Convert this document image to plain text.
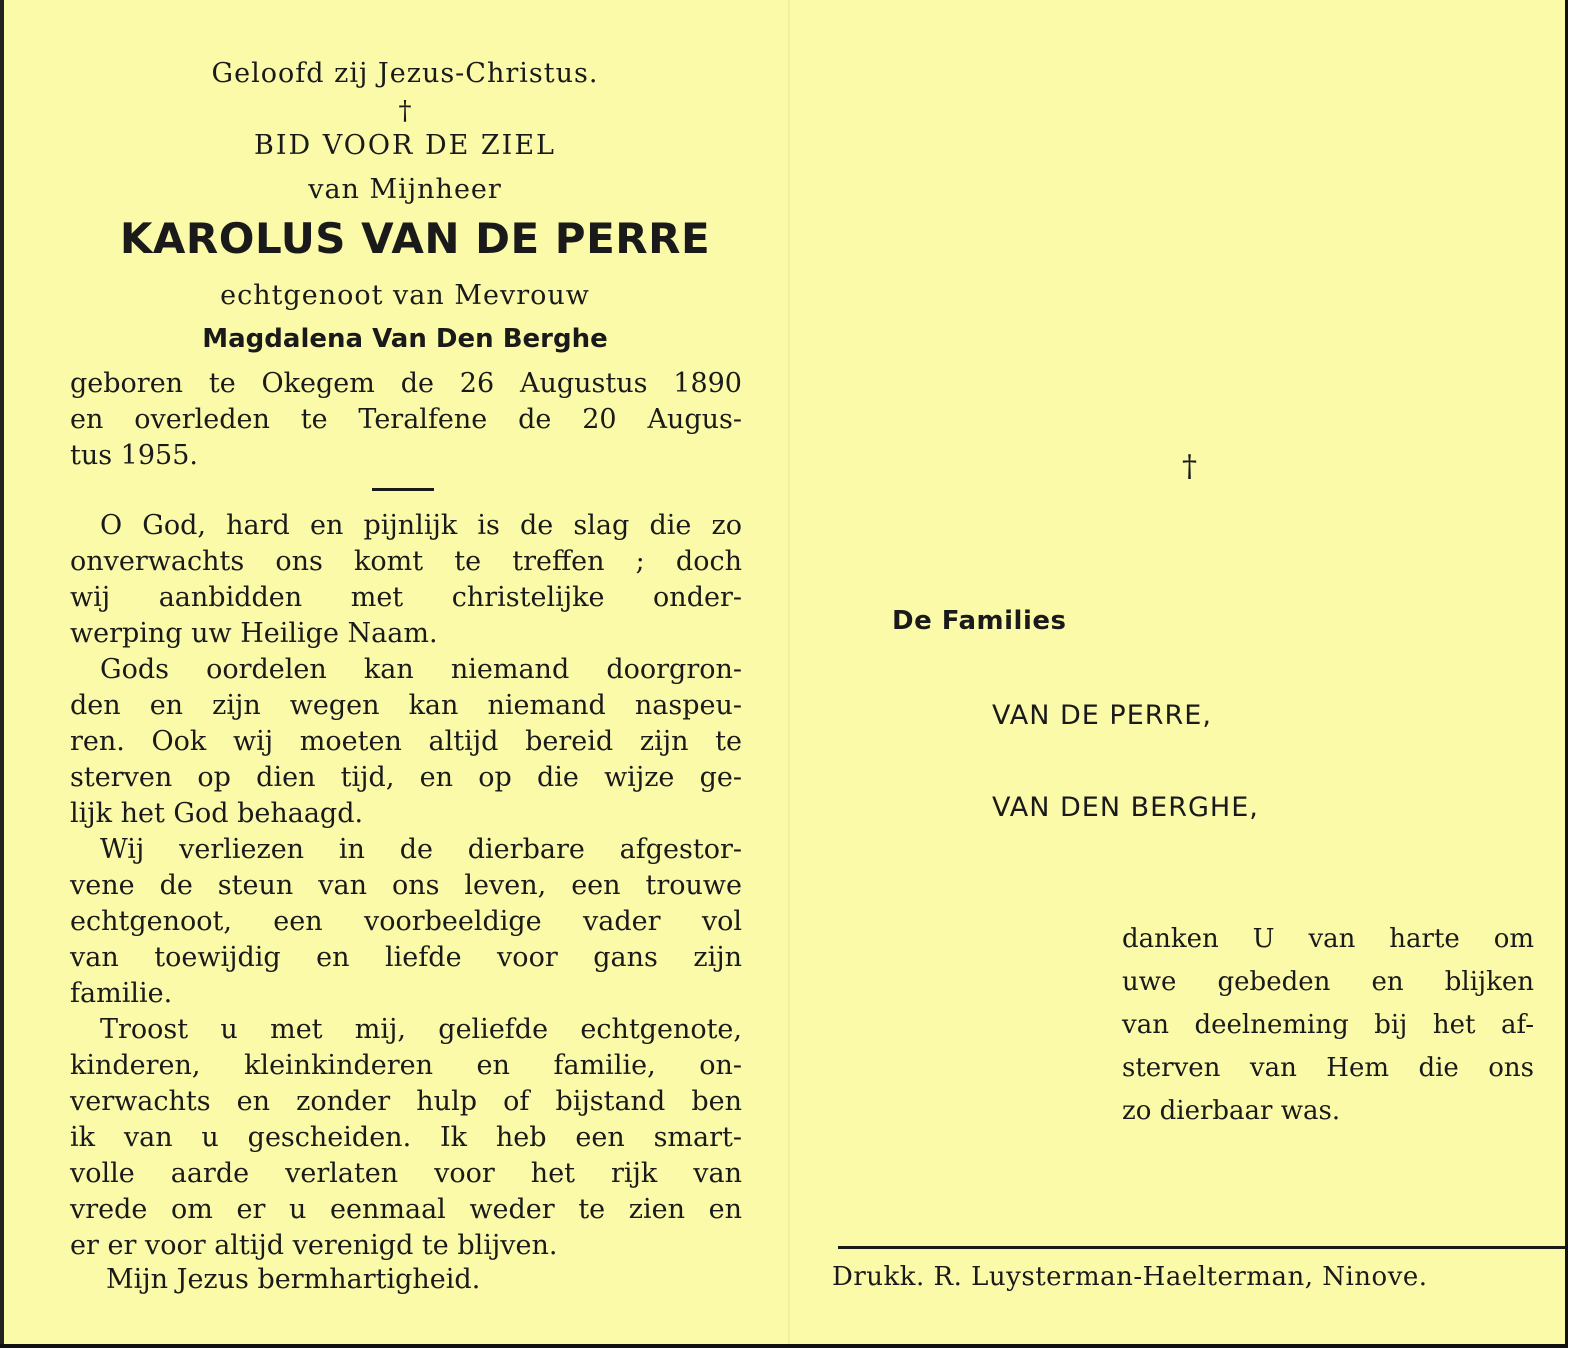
Geloofd zij Jezus-Christus.
†
BID VOOR DE ZIEL
van Mijnheer
KAROLUS VAN DE PERRE
echtgenoot van Mevrouw
Magdalena Van Den Berghe
geboren te Okegem de 26 Augustus 1890
en overleden te Teralfene de 20 Augus-
tus 1955.
O God, hard en pijnlijk is de slag die zo
onverwachts ons komt te treffen ; doch
wij aanbidden met christelijke onder-
werping uw Heilige Naam.
Gods oordelen kan niemand doorgron-
den en zijn wegen kan niemand naspeu-
ren. Ook wij moeten altijd bereid zijn te
sterven op dien tijd, en op die wijze ge-
lijk het God behaagd.
Wij verliezen in de dierbare afgestor-
vene de steun van ons leven, een trouwe
echtgenoot, een voorbeeldige vader vol
van toewijdig en liefde voor gans zijn
familie.
Troost u met mij, geliefde echtgenote,
kinderen, kleinkinderen en familie, on-
verwachts en zonder hulp of bijstand ben
ik van u gescheiden. Ik heb een smart-
volle aarde verlaten voor het rijk van
vrede om er u eenmaal weder te zien en
er er voor altijd verenigd te blijven.
Mijn Jezus bermhartigheid.
†
De Families
VAN DE PERRE,
VAN DEN BERGHE,
danken U van harte om
uwe gebeden en blijken
van deelneming bij het af-
sterven van Hem die ons
zo dierbaar was.
Drukk. R. Luysterman-Haelterman, Ninove.
